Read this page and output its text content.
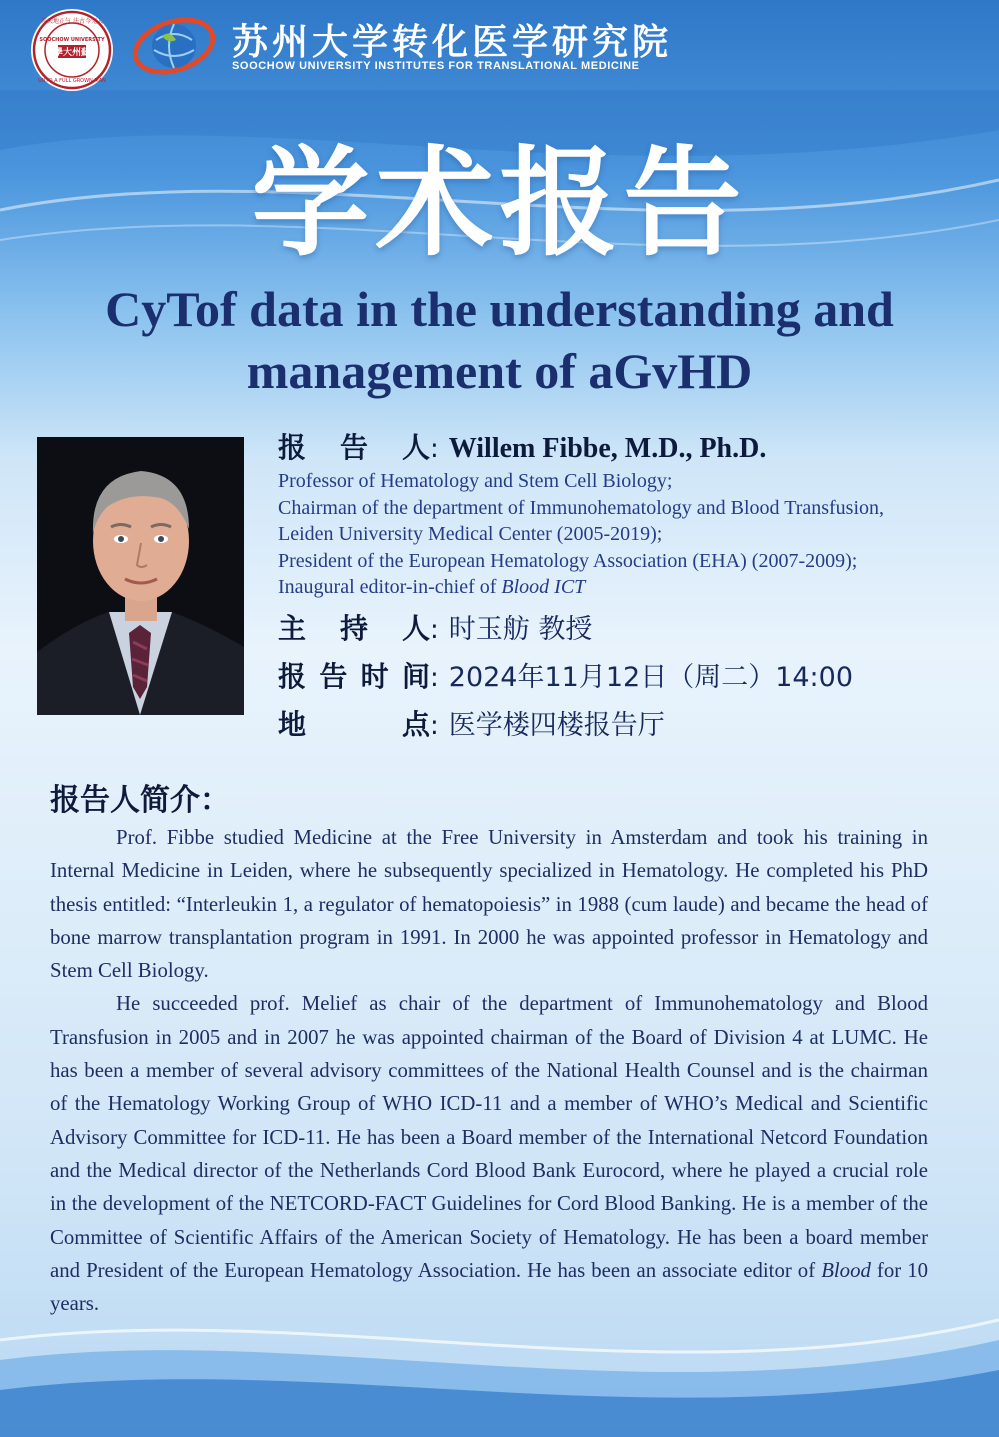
养天地正气 法古今完人
SOOCHOW UNIVERSITY
學大州蘇
UNTO A FULL GROWN MAN
苏州大学转化医学研究院
SOOCHOW UNIVERSITY INSTITUTES FOR TRANSLATIONAL MEDICINE
学术报告
CyTof data in the understanding and management of aGvHD
报 告 人 : Willem Fibbe, M.D., Ph.D.
Professor of Hematology and Stem Cell Biology;
Chairman of the department of Immunohematology and Blood Transfusion,
Leiden University Medical Center (2005-2019);
President of the European Hematology Association (EHA) (2007-2009);
Inaugural editor-in-chief of Blood ICT
主 持 人 : 时玉舫 教授
报 告 时 间 : 2024年11月12日（周二）14:00
地	点 : 医学楼四楼报告厅
报告人简介：

Prof. Fibbe studied Medicine at the Free University in Amsterdam and took his training in Internal Medicine in Leiden, where he subsequently specialized in Hematology. He completed his PhD thesis entitled: “Interleukin 1, a regulator of hematopoiesis” in 1988 (cum laude) and became the head of bone marrow transplantation program in 1991. In 2000 he was appointed professor in Hematology and Stem Cell Biology.

He succeeded prof. Melief as chair of the department of Immunohematology and Blood Transfusion in 2005 and in 2007 he was appointed chairman of the Board of Division 4 at LUMC. He has been a member of several advisory committees of the National Health Counsel and is the chairman of the Hematology Working Group of WHO ICD-11 and a member of WHO’s Medical and Scientific Advisory Committee for ICD-11. He has been a Board member of the International Netcord Foundation and the Medical director of the Netherlands Cord Blood Bank Eurocord, where he played a crucial role in the development of the NETCORD-FACT Guidelines for Cord Blood Banking. He is a member of the Committee of Scientific Affairs of the American Society of Hematology. He has been a board member and President of the European Hematology Association. He has been an associate editor of Blood for 10 years.
